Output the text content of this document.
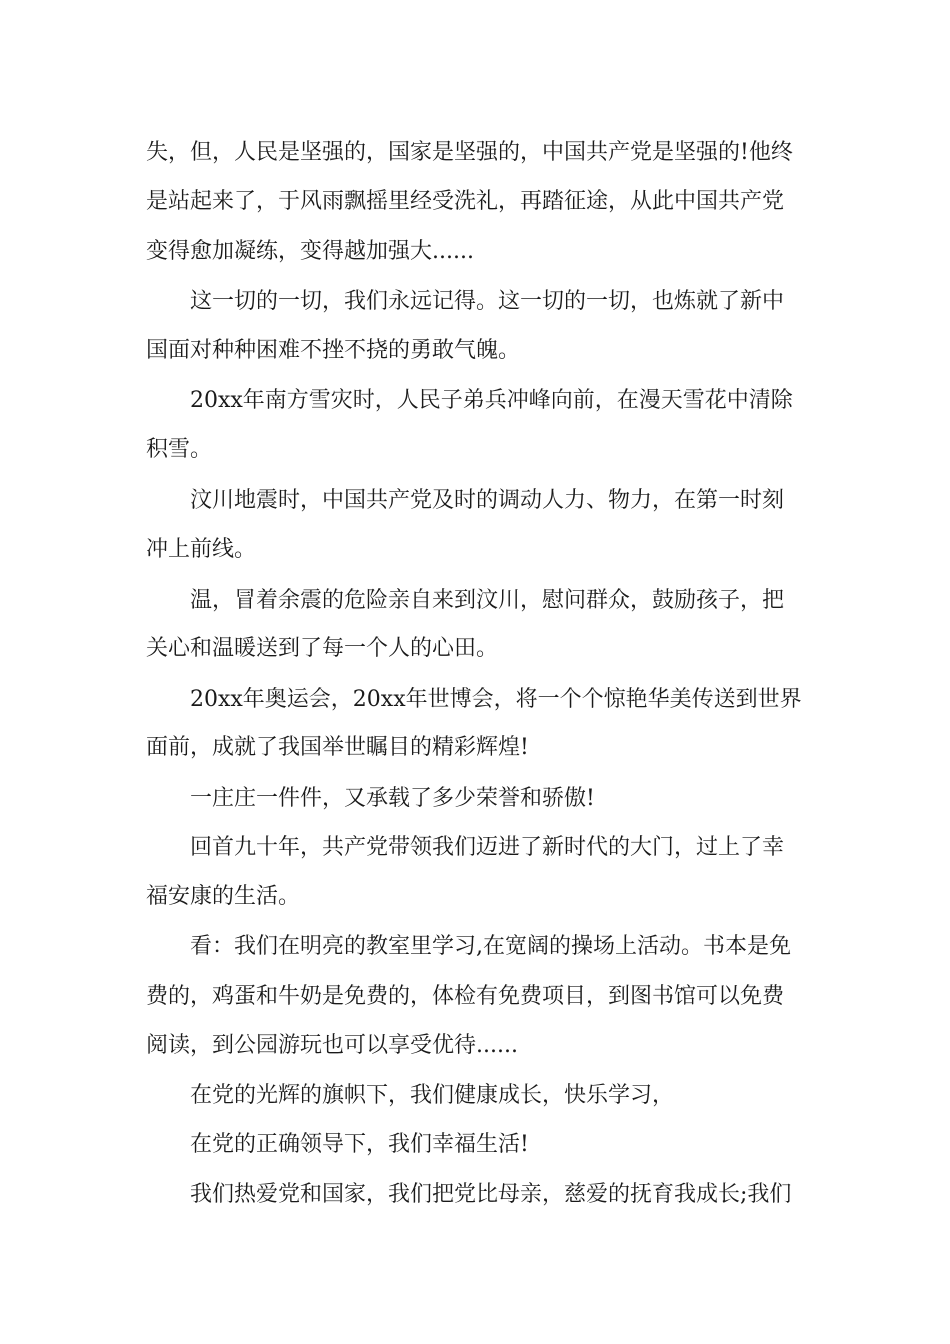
失，但，人民是坚强的，国家是坚强的，中国共产党是坚强的!他终
是站起来了，于风雨飘摇里经受洗礼，再踏征途，从此中国共产党
变得愈加凝练，变得越加强大......
这一切的一切，我们永远记得。这一切的一切，也炼就了新中
国面对种种困难不挫不挠的勇敢气魄。
20xx年南方雪灾时，人民子弟兵冲峰向前，在漫天雪花中清除
积雪。
汶川地震时，中国共产党及时的调动人力、物力，在第一时刻
冲上前线。
温，冒着余震的危险亲自来到汶川，慰问群众，鼓励孩子，把
关心和温暖送到了每一个人的心田。
20xx年奥运会，20xx年世博会，将一个个惊艳华美传送到世界
面前，成就了我国举世瞩目的精彩辉煌!
一庄庄一件件，又承载了多少荣誉和骄傲!
回首九十年，共产党带领我们迈进了新时代的大门，过上了幸
福安康的生活。
看：我们在明亮的教室里学习,在宽阔的操场上活动。书本是免
费的，鸡蛋和牛奶是免费的，体检有免费项目，到图书馆可以免费
阅读，到公园游玩也可以享受优待......
在党的光辉的旗帜下，我们健康成长，快乐学习，
在党的正确领导下，我们幸福生活!
我们热爱党和国家，我们把党比母亲，慈爱的抚育我成长;我们
